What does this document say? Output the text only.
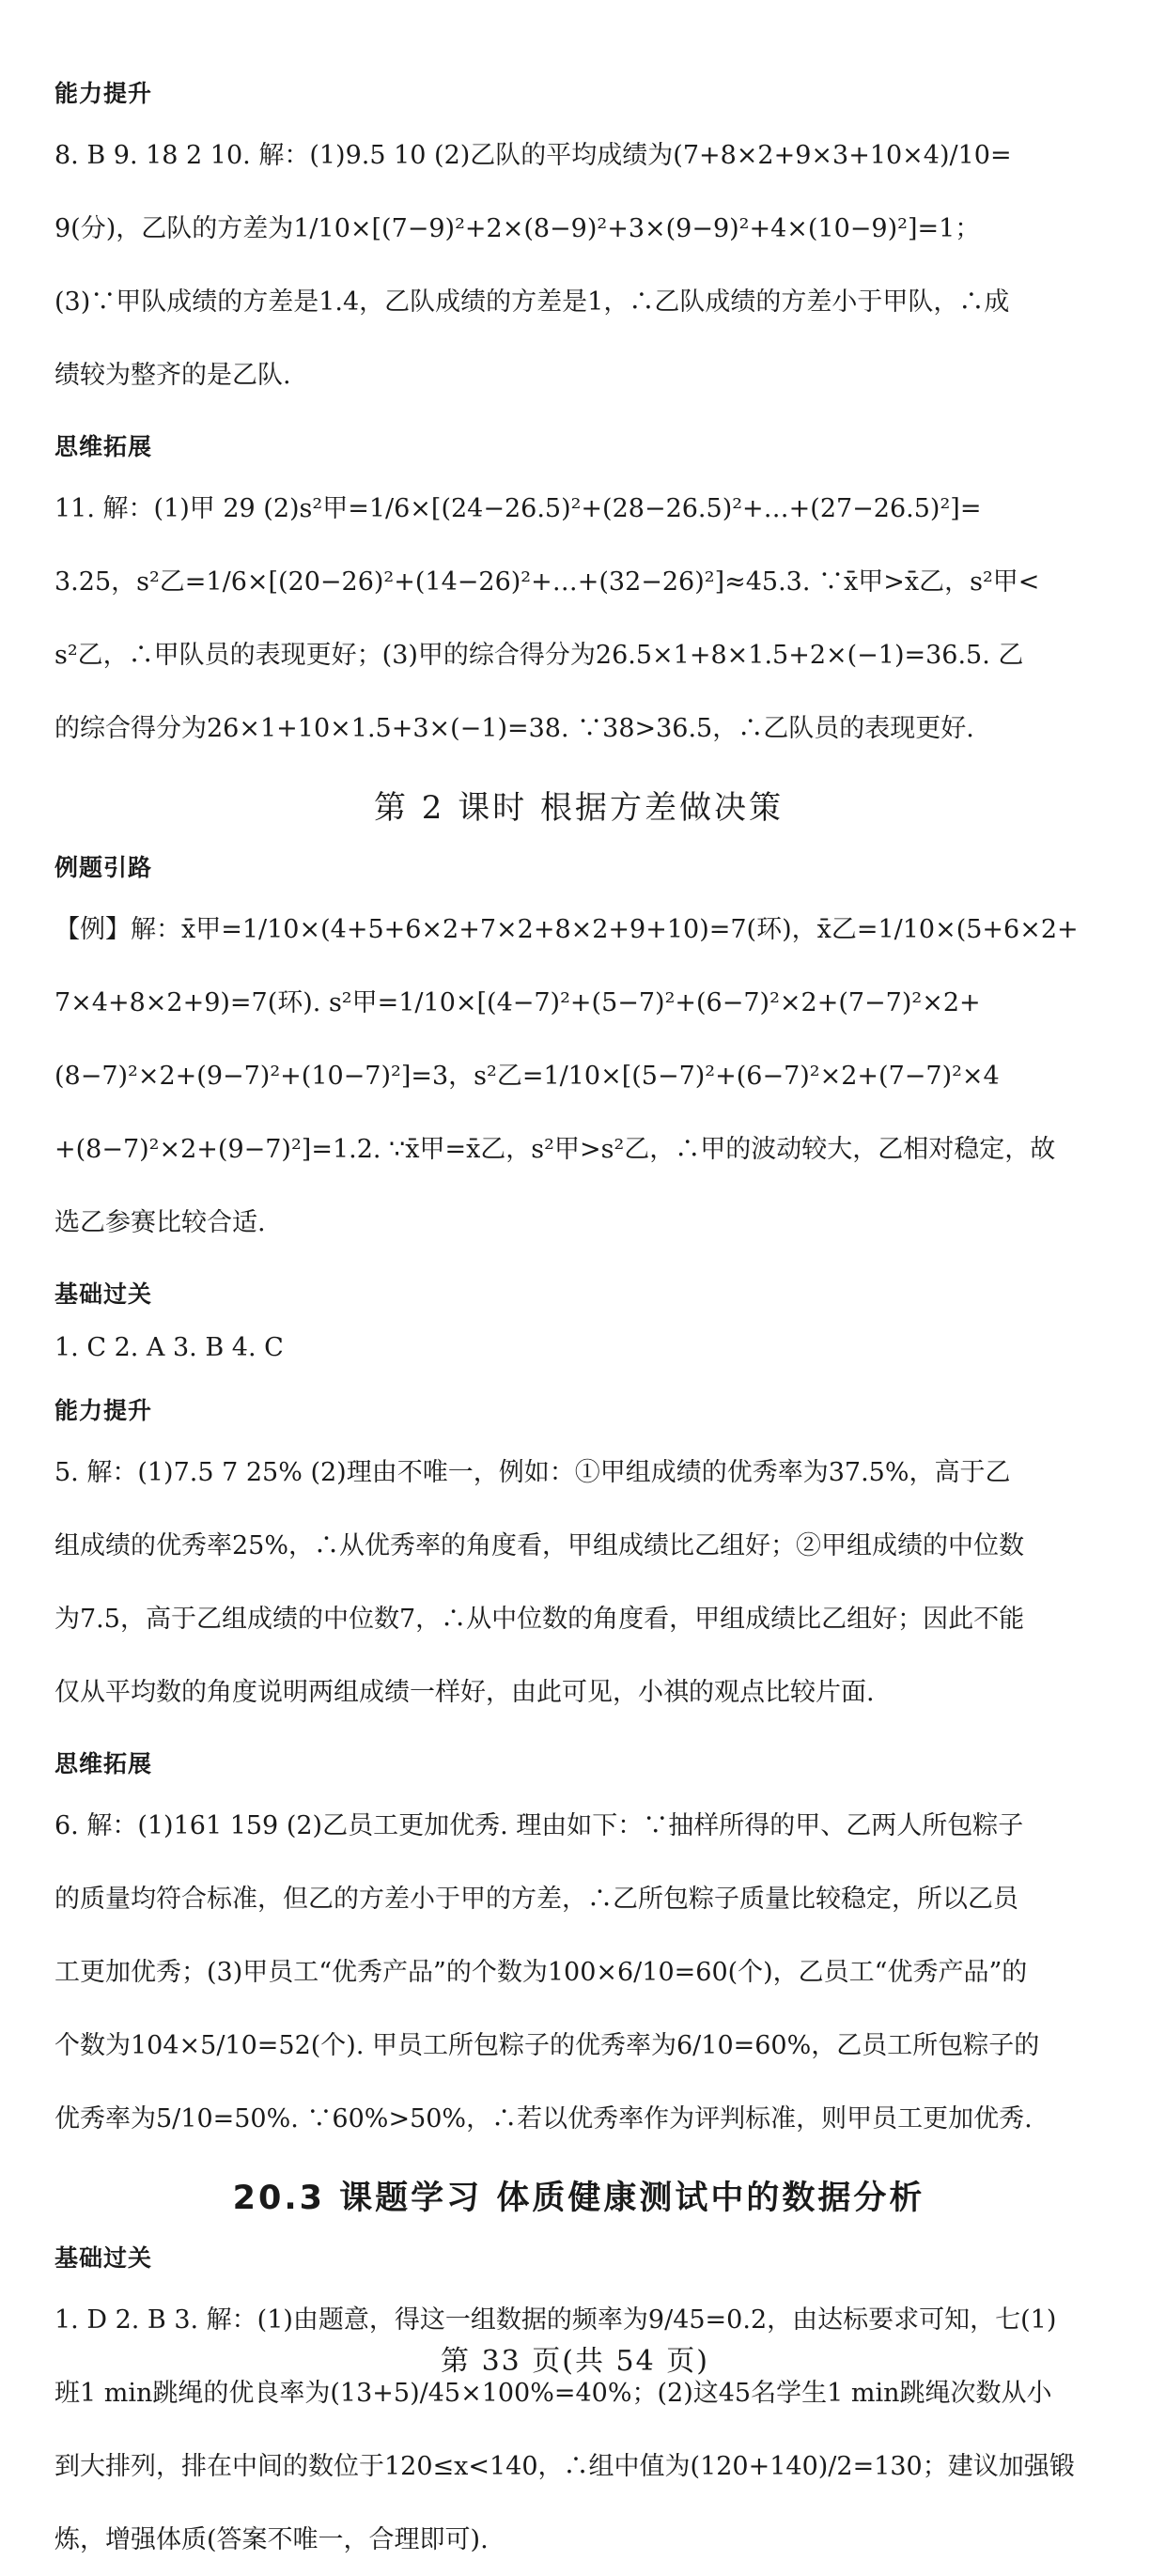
能力提升
8. B 9. 18 2 10. 解：(1)9.5 10 (2)乙队的平均成绩为(7+8×2+9×3+10×4)/10=
9(分)，乙队的方差为1/10×[(7−9)²+2×(8−9)²+3×(9−9)²+4×(10−9)²]=1；
(3)∵甲队成绩的方差是1.4，乙队成绩的方差是1，∴乙队成绩的方差小于甲队，∴成
绩较为整齐的是乙队.
思维拓展
11. 解：(1)甲 29 (2)s²甲=1/6×[(24−26.5)²+(28−26.5)²+…+(27−26.5)²]=
3.25，s²乙=1/6×[(20−26)²+(14−26)²+…+(32−26)²]≈45.3. ∵x̄甲>x̄乙，s²甲<
s²乙，∴甲队员的表现更好；(3)甲的综合得分为26.5×1+8×1.5+2×(−1)=36.5. 乙
的综合得分为26×1+10×1.5+3×(−1)=38. ∵38>36.5，∴乙队员的表现更好.
第 2 课时 根据方差做决策
例题引路
【例】解：x̄甲=1/10×(4+5+6×2+7×2+8×2+9+10)=7(环)，x̄乙=1/10×(5+6×2+
7×4+8×2+9)=7(环). s²甲=1/10×[(4−7)²+(5−7)²+(6−7)²×2+(7−7)²×2+
(8−7)²×2+(9−7)²+(10−7)²]=3，s²乙=1/10×[(5−7)²+(6−7)²×2+(7−7)²×4
+(8−7)²×2+(9−7)²]=1.2. ∵x̄甲=x̄乙，s²甲>s²乙，∴甲的波动较大，乙相对稳定，故
选乙参赛比较合适.
基础过关
1. C 2. A 3. B 4. C
能力提升
5. 解：(1)7.5 7 25% (2)理由不唯一，例如：①甲组成绩的优秀率为37.5%，高于乙
组成绩的优秀率25%，∴从优秀率的角度看，甲组成绩比乙组好；②甲组成绩的中位数
为7.5，高于乙组成绩的中位数7，∴从中位数的角度看，甲组成绩比乙组好；因此不能
仅从平均数的角度说明两组成绩一样好，由此可见，小祺的观点比较片面.
思维拓展
6. 解：(1)161 159 (2)乙员工更加优秀. 理由如下：∵抽样所得的甲、乙两人所包粽子
的质量均符合标准，但乙的方差小于甲的方差，∴乙所包粽子质量比较稳定，所以乙员
工更加优秀；(3)甲员工“优秀产品”的个数为100×6/10=60(个)，乙员工“优秀产品”的
个数为104×5/10=52(个). 甲员工所包粽子的优秀率为6/10=60%，乙员工所包粽子的
优秀率为5/10=50%. ∵60%>50%，∴若以优秀率作为评判标准，则甲员工更加优秀.
20.3 课题学习 体质健康测试中的数据分析
基础过关
1. D 2. B 3. 解：(1)由题意，得这一组数据的频率为9/45=0.2，由达标要求可知，七(1)
班1 min跳绳的优良率为(13+5)/45×100%=40%；(2)这45名学生1 min跳绳次数从小
到大排列，排在中间的数位于120≤x<140，∴组中值为(120+140)/2=130；建议加强锻
炼，增强体质(答案不唯一，合理即可).
第 33 页(共 54 页)
